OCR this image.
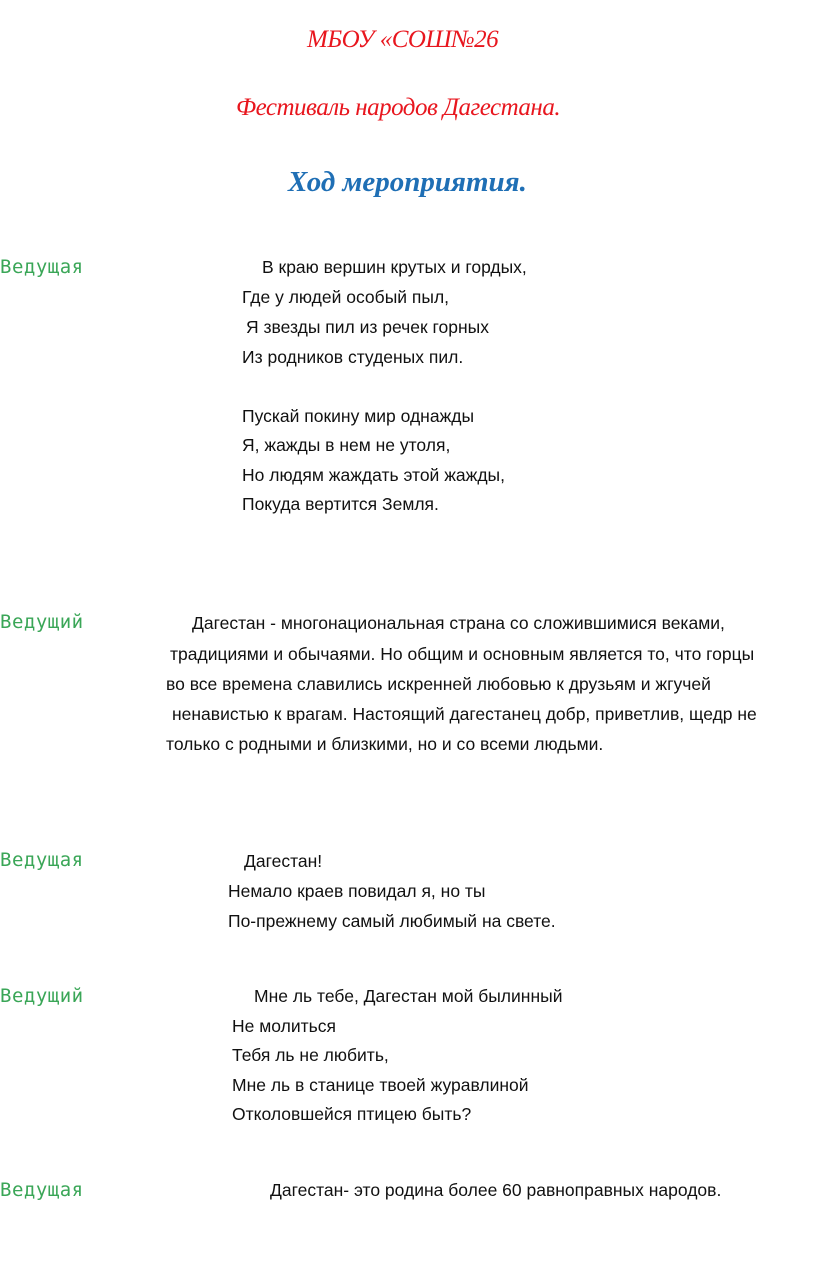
МБОУ «СОШ№26
Фестиваль народов Дагестана.
Ход мероприятия.
Ведущая	В краю вершин крутых и гордых,
Где у людей особый пыл,
Я звезды пил из речек горных
Из родников студеных пил.
Пускай покину мир однажды
Я, жажды в нем не утоля,
Но людям жаждать этой жажды,
Покуда вертится Земля.
Ведущий	Дагестан - многонациональная страна со сложившимися веками,
традициями и обычаями. Но общим и основным является то, что горцы
во все времена славились искренней любовью к друзьям и жгучей
ненавистью к врагам. Настоящий дагестанец добр, приветлив, щедр не
только с родными и близкими, но и со всеми людьми.
Ведущая	Дагестан!
Немало краев повидал я, но ты
По-прежнему самый любимый на свете.
Ведущий	Мне ль тебе, Дагестан мой былинный
Не молиться
Тебя ль не любить,
Мне ль в станице твоей журавлиной
Отколовшейся птицею быть?
Ведущая	Дагестан- это родина более 60 равноправных народов.
